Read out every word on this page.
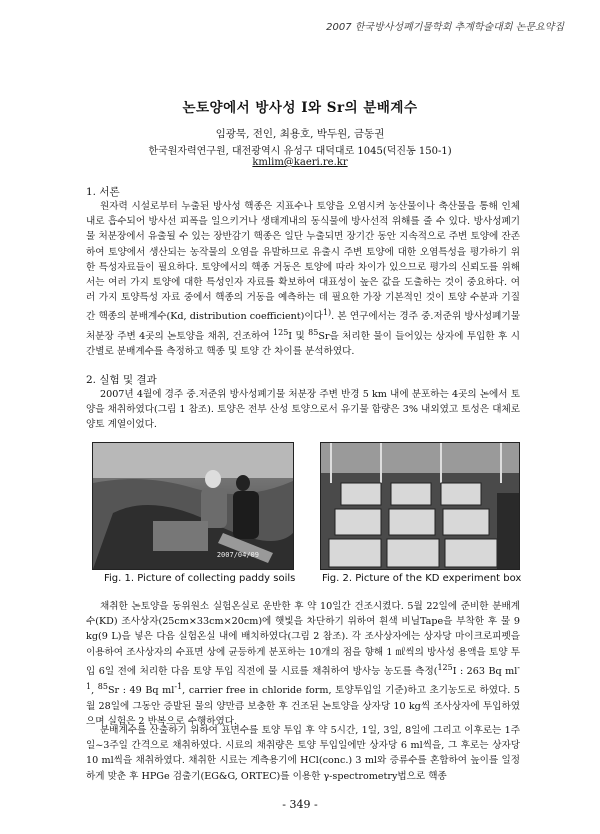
2007 한국방사성폐기물학회 추계학술대회 논문요약집
논토양에서 방사성 I와 Sr의 분배계수
임광묵, 전인, 최용호, 박두원, 금동권
한국원자력연구원, 대전광역시 유성구 대덕대로 1045(덕진동 150-1)
kmlim@kaeri.re.kr
1. 서론

원자력 시설로부터 누출된 방사성 핵종은 지표수나 토양을 오염시켜 농산물이나 축산물을 통해 인체 내로 흡수되어 방사선 피폭을 일으키거나 생태계내의 동식물에 방사선적 위해를 줄 수 있다. 방사성폐기물 처분장에서 유출될 수 있는 장반감기 핵종은 일단 누출되면 장기간 동안 지속적으로 주변 토양에 잔존하여 토양에서 생산되는 농작물의 오염을 유발하므로 유출시 주변 토양에 대한 오염특성을 평가하기 위한 특성자료들이 필요하다. 토양에서의 핵종 거동은 토양에 따라 차이가 있으므로 평가의 신뢰도를 위해서는 여러 가지 토양에 대한 특성인자 자료를 확보하여 대표성이 높은 값을 도출하는 것이 중요하다. 여러 가지 토양특성 자료 중에서 핵종의 거동을 예측하는 데 필요한 가장 기본적인 것이 토양 수분과 기질 간 핵종의 분배계수(Kd, distribution coefficient)이다$^{1)}$. 본 연구에서는 경주 중.저준위 방사성폐기물 처분장 주변 4곳의 논토양을 채취, 건조하여 $^{125}$I 및 $^{85}$Sr을 처리한 물이 들어있는 상자에 투입한 후 시간별로 분배계수를 측정하고 핵종 및 토양 간 차이를 분석하였다.

2. 실험 및 결과

2007년 4월에 경주 중.저준위 방사성폐기물 처분장 주변 반경 5 km 내에 분포하는 4곳의 논에서 토양을 채취하였다(그림 1 참조). 토양은 전부 산성 토양으로서 유기물 함량은 3% 내외였고 토성은 대체로 양토 계열이었다.

2007/04/09
Fig. 1. Picture of collecting paddy soils	Fig. 2. Picture of the KD experiment box

채취한 논토양을 동위원소 실험온실로 운반한 후 약 10일간 건조시켰다. 5월 22일에 준비한 분배계수(KD) 조사상자(25cm×33cm×20cm)에 햇빛을 차단하기 위하여 흰색 비닐Tape을 부착한 후 물 9 kg(9 L)을 넣은 다음 실험온실 내에 배치하였다(그림 2 참조). 각 조사상자에는 상자당 마이크로피펫을 이용하여 조사상자의 수표면 상에 균등하게 분포하는 10개의 점을 향해 1 ㎖씩의 방사성 용액을 토양 투입 6일 전에 처리한 다음 토양 투입 직전에 물 시료를 채취하여 방사능 농도를 측정($^{125}$I : 263 Bq $ml^{-1}$, $^{85}$Sr : 49 Bq $ml^{-1}$, carrier free in chloride form, 토양투입일 기준)하고 초기농도로 하였다. 5월 28일에 그동안 증발된 물의 양만큼 보충한 후 건조된 논토양을 상자당 10 kg씩 조사상자에 투입하였으며 실험은 2 반복으로 수행하였다.

분배계수를 산출하기 위하여 표면수를 토양 투입 후 약 5시간, 1일, 3일, 8일에 그리고 이후로는 1주일~3주일 간격으로 채취하였다. 시료의 채취량은 토양 투입일에만 상자당 6 ml씩을, 그 후로는 상자당 10 ml씩을 채취하였다. 채취한 시료는 계측용기에 HCl(conc.) 3 ml와 증류수를 혼합하여 높이를 일정하게 맞춘 후 HPGe 검출기(EG&G, ORTEC)를 이용한 γ-spectrometry법으로 핵종

- 349 -
